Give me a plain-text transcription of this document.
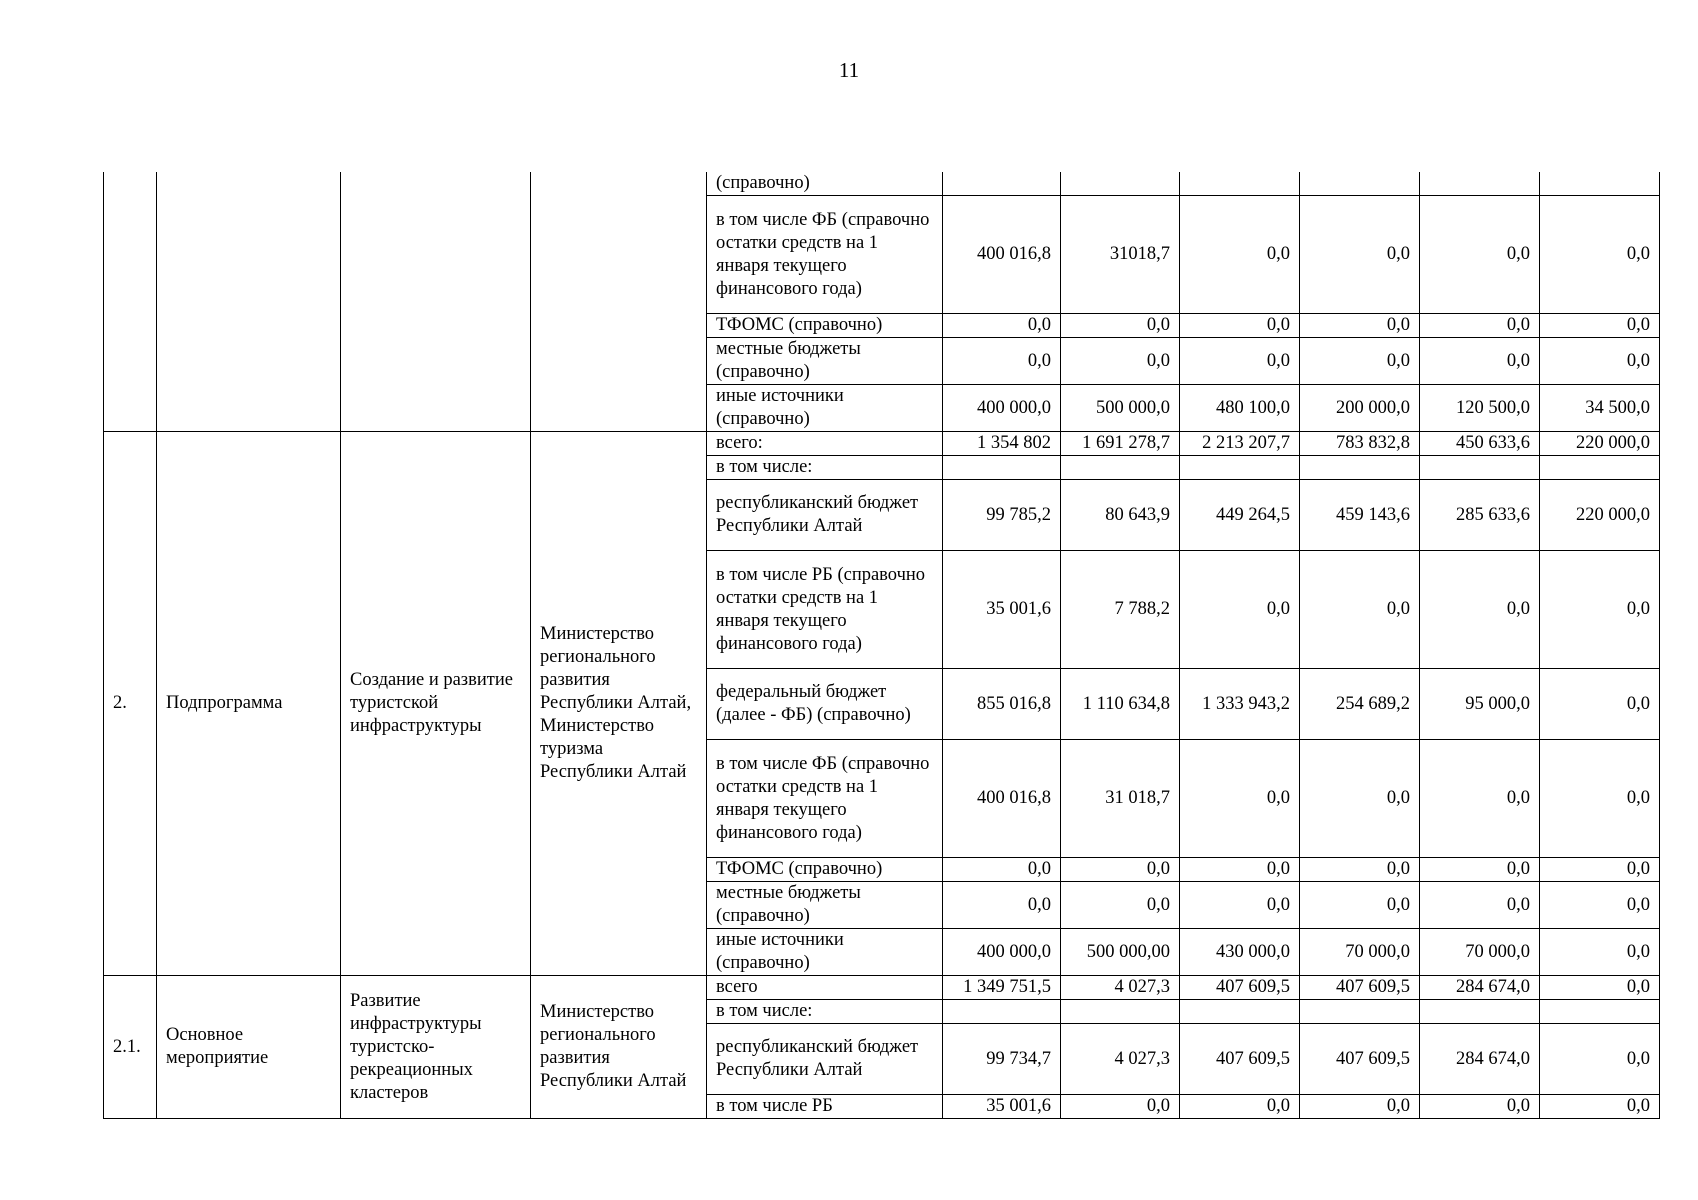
11
				(справочно)						
				в том числе ФБ (справочно остатки средств на 1 января текущего финансового года)	400 016,8	31018,7	0,0	0,0	0,0	0,0
				ТФОМС (справочно)	0,0	0,0	0,0	0,0	0,0	0,0
				местные бюджеты (справочно)	0,0	0,0	0,0	0,0	0,0	0,0
				иные источники (справочно)	400 000,0	500 000,0	480 100,0	200 000,0	120 500,0	34 500,0
2.	Подпрограмма	Создание и развитие туристской инфраструктуры	Министерство регионального развития Республики Алтай, Министерство туризма Республики Алтай	всего:	1 354 802	1 691 278,7	2 213 207,7	783 832,8	450 633,6	220 000,0
				в том числе:						
				республиканский бюджет Республики Алтай	99 785,2	80 643,9	449 264,5	459 143,6	285 633,6	220 000,0
				в том числе РБ (справочно остатки средств на 1 января текущего финансового года)	35 001,6	7 788,2	0,0	0,0	0,0	0,0
				федеральный бюджет (далее - ФБ) (справочно)	855 016,8	1 110 634,8	1 333 943,2	254 689,2	95 000,0	0,0
				в том числе ФБ (справочно остатки средств на 1 января текущего финансового года)	400 016,8	31 018,7	0,0	0,0	0,0	0,0
				ТФОМС (справочно)	0,0	0,0	0,0	0,0	0,0	0,0
				местные бюджеты (справочно)	0,0	0,0	0,0	0,0	0,0	0,0
				иные источники (справочно)	400 000,0	500 000,00	430 000,0	70 000,0	70 000,0	0,0
2.1.	Основное мероприятие	Развитие инфраструктуры туристско-рекреационных кластеров	Министерство регионального развития Республики Алтай	всего	1 349 751,5	4 027,3	407 609,5	407 609,5	284 674,0	0,0
				в том числе:						
				республиканский бюджет Республики Алтай	99 734,7	4 027,3	407 609,5	407 609,5	284 674,0	0,0
				в том числе РБ	35 001,6	0,0	0,0	0,0	0,0	0,0
